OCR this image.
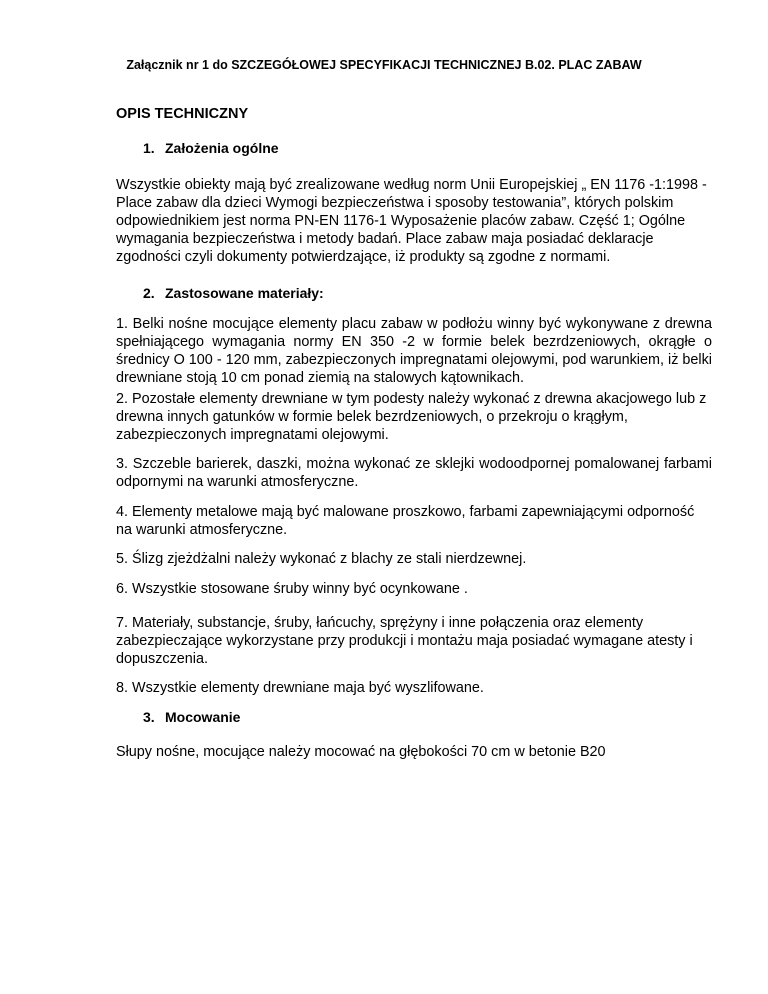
Załącznik nr 1 do SZCZEGÓŁOWEJ SPECYFIKACJI TECHNICZNEJ B.02. PLAC ZABAW
OPIS TECHNICZNY
1. Założenia ogólne
Wszystkie obiekty mają być zrealizowane według norm Unii Europejskiej „ EN 1176 -1:1998 - Place zabaw dla dzieci Wymogi bezpieczeństwa i sposoby testowania”, których polskim odpowiednikiem jest norma PN-EN 1176-1 Wyposażenie placów zabaw. Część 1; Ogólne wymagania bezpieczeństwa i metody badań. Place zabaw maja posiadać deklaracje zgodności czyli dokumenty potwierdzające, iż produkty są zgodne z normami.
2. Zastosowane materiały:
1. Belki nośne mocujące elementy placu zabaw w podłożu winny być wykonywane z drewna spełniającego wymagania normy EN 350 -2 w formie belek bezrdzeniowych, okrągłe o średnicy O 100 - 120 mm, zabezpieczonych impregnatami olejowymi, pod warunkiem, iż belki drewniane stoją 10 cm ponad ziemią na stalowych kątownikach.
2. Pozostałe elementy drewniane w tym podesty należy wykonać z drewna akacjowego lub z drewna innych gatunków w formie belek bezrdzeniowych, o przekroju o krągłym, zabezpieczonych impregnatami olejowymi.
3. Szczeble barierek, daszki, można wykonać ze sklejki wodoodpornej pomalowanej farbami odpornymi na warunki atmosferyczne.
4. Elementy metalowe mają być malowane proszkowo, farbami zapewniającymi odporność na warunki atmosferyczne.
5. Ślizg zjeżdżalni należy wykonać z blachy ze stali nierdzewnej.
6. Wszystkie stosowane śruby winny być ocynkowane .
7. Materiały, substancje, śruby, łańcuchy, sprężyny i inne połączenia oraz elementy zabezpieczające wykorzystane przy produkcji i montażu maja posiadać wymagane atesty i dopuszczenia.
8. Wszystkie elementy drewniane maja być wyszlifowane.
3. Mocowanie
Słupy nośne, mocujące należy mocować na głębokości 70 cm w betonie B20
